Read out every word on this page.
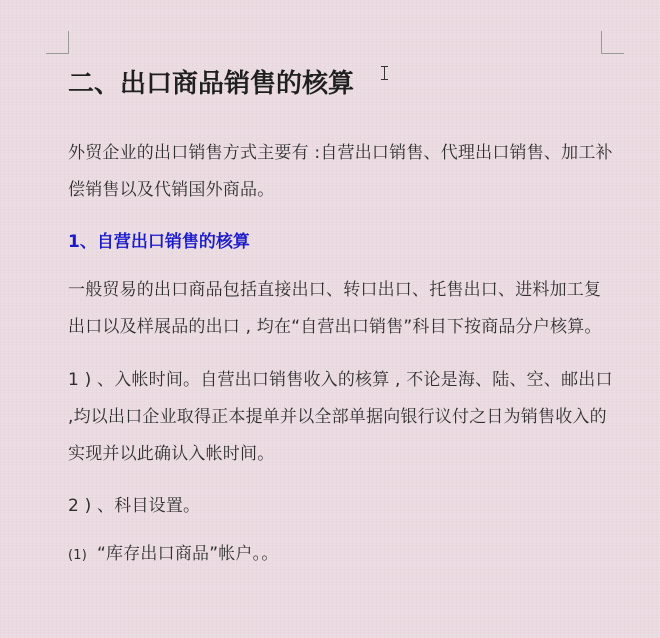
二、出口商品销售的核算

外贸企业的出口销售方式主要有 :自营出口销售、代理出口销售、加工补偿销售以及代销国外商品。

1、自营出口销售的核算

一般贸易的出口商品包括直接出口、转口出口、托售出口、进料加工复出口以及样展品的出口 , 均在“自营出口销售”科目下按商品分户核算。

1 ) 、入帐时间。自营出口销售收入的核算 , 不论是海、陆、空、邮出口 ,均以出口企业取得正本提单并以全部单据向银行议付之日为销售收入的实现并以此确认入帐时间。

2 ) 、科目设置。

(1) “库存出口商品”帐户。。
